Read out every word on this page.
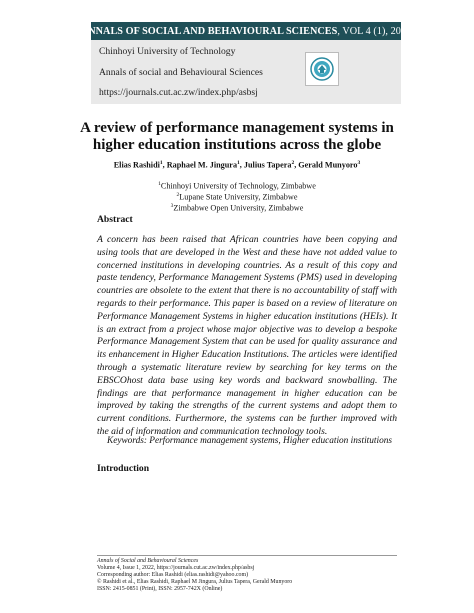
ANNALS OF SOCIAL AND BEHAVIOURAL SCIENCES , VOL 4 (1), 2022
Chinhoyi University of Technology
Annals of social and Behavioural Sciences
https://journals.cut.ac.zw/index.php/asbsj
A review of performance management systems in higher education institutions across the globe
Elias Rashidi$^1$, Raphael M. Jingura$^1$, Julius Tapera$^2$, Gerald Munyoro$^3$
$^1$Chinhoyi University of Technology, Zimbabwe
$^2$Lupane State University, Zimbabwe
$^3$Zimbabwe Open University, Zimbabwe
Abstract
A concern has been raised that African countries have been copying and using tools that are developed in the West and these have not added value to concerned institutions in developing countries. As a result of this copy and paste tendency, Performance Management Systems (PMS) used in developing countries are obsolete to the extent that there is no accountability of staff with regards to their performance. This paper is based on a review of literature on Performance Management Systems in higher education institutions (HEIs). It is an extract from a project whose major objective was to develop a bespoke Performance Management System that can be used for quality assurance and its enhancement in Higher Education Institutions. The articles were identified through a systematic literature review by searching for key terms on the EBSCOhost data base using key words and backward snowballing. The findings are that performance management in higher education can be improved by taking the strengths of the current systems and adopt them to current conditions. Furthermore, the systems can be further improved with the aid of information and communication technology tools.
Keywords: Performance management systems, Higher education institutions
Introduction
Annals of Social and Behavioural Sciences
Volume 4, Issue 1, 2022, https://journals.cut.ac.zw/index.php/asbsj
Corresponding author: Elias Rashidi (elias.rashidi@yahoo.com)
© Rashidi et al., Elias Rashidi, Raphael M Jingura, Julius Tapera, Gerald Munyoro
ISSN: 2415-0851 (Print), ISSN: 2957-742X (Online)
